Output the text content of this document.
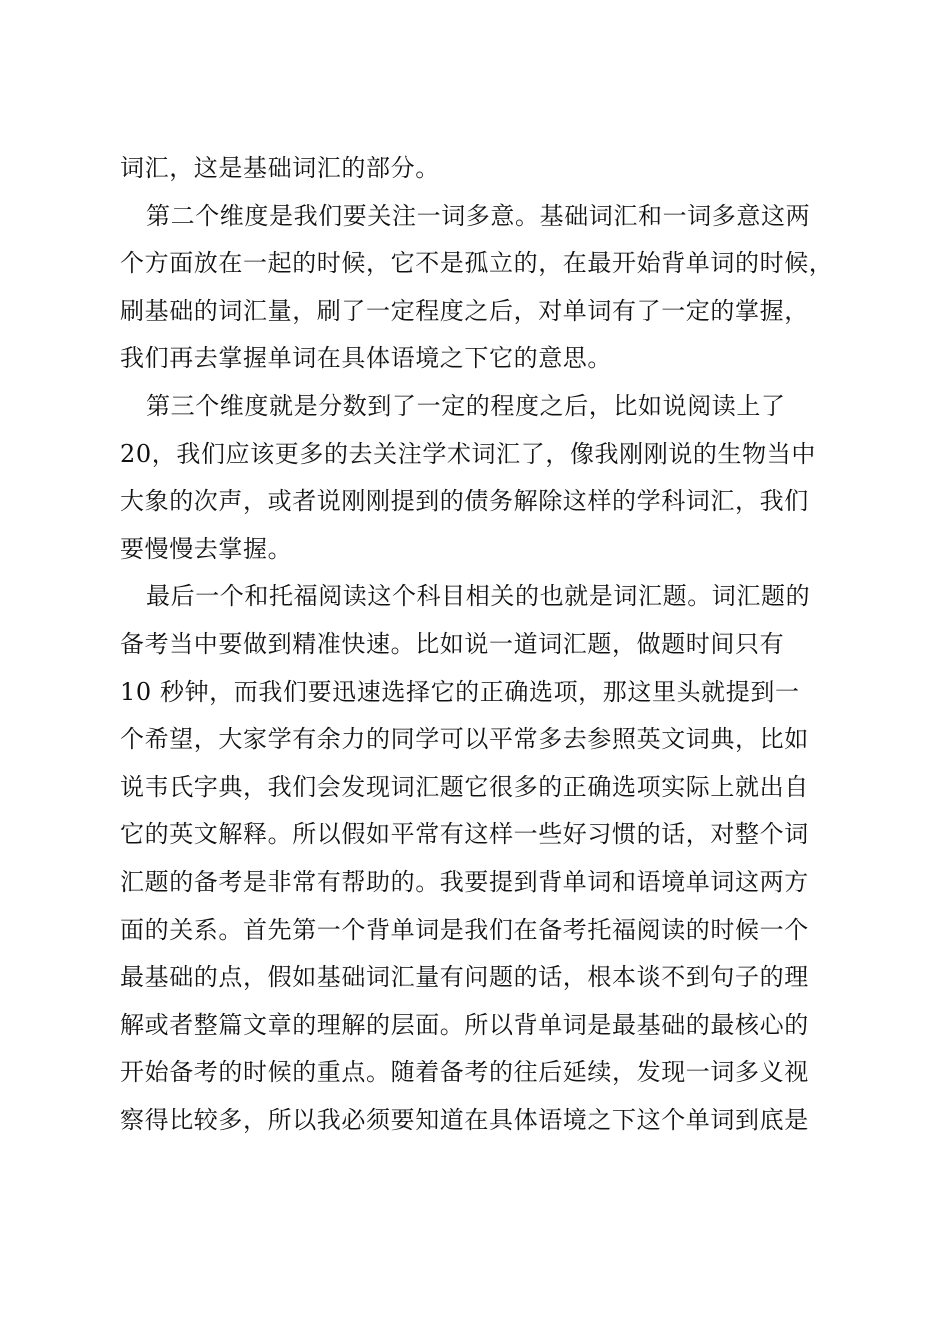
词汇，这是基础词汇的部分。
第二个维度是我们要关注一词多意。基础词汇和一词多意这两
个方面放在一起的时候，它不是孤立的，在最开始背单词的时候，
刷基础的词汇量，刷了一定程度之后，对单词有了一定的掌握，
我们再去掌握单词在具体语境之下它的意思。
第三个维度就是分数到了一定的程度之后，比如说阅读上了
20，我们应该更多的去关注学术词汇了，像我刚刚说的生物当中
大象的次声，或者说刚刚提到的债务解除这样的学科词汇，我们
要慢慢去掌握。
最后一个和托福阅读这个科目相关的也就是词汇题。词汇题的
备考当中要做到精准快速。比如说一道词汇题，做题时间只有
10 秒钟，而我们要迅速选择它的正确选项，那这里头就提到一
个希望，大家学有余力的同学可以平常多去参照英文词典，比如
说韦氏字典，我们会发现词汇题它很多的正确选项实际上就出自
它的英文解释。所以假如平常有这样一些好习惯的话，对整个词
汇题的备考是非常有帮助的。我要提到背单词和语境单词这两方
面的关系。首先第一个背单词是我们在备考托福阅读的时候一个
最基础的点，假如基础词汇量有问题的话，根本谈不到句子的理
解或者整篇文章的理解的层面。所以背单词是最基础的最核心的
开始备考的时候的重点。随着备考的往后延续，发现一词多义视
察得比较多，所以我必须要知道在具体语境之下这个单词到底是
